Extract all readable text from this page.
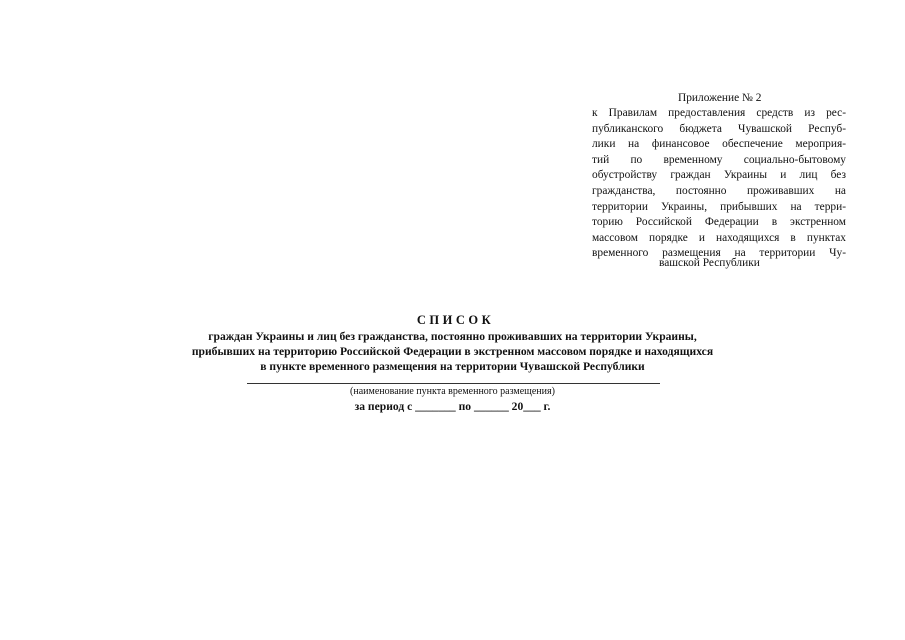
Приложение № 2
к Правилам предоставления средств из рес-
публиканского бюджета Чувашской Респуб-
лики на финансовое обеспечение мероприя-
тий по временному социально-бытовому
обустройству граждан Украины и лиц без
гражданства, постоянно проживавших на
территории Украины, прибывших на терри-
торию Российской Федерации в экстренном
массовом порядке и находящихся в пунктах
временного размещения на территории Чу-
вашской Республики
СПИСОК
граждан Украины и лиц без гражданства, постоянно проживавших на территории Украины,
прибывших на территорию Российской Федерации в экстренном массовом порядке и находящихся
в пункте временного размещения на территории Чувашской Республики
(наименование пункта временного размещения)
за период с _______ по ______ 20___ г.
